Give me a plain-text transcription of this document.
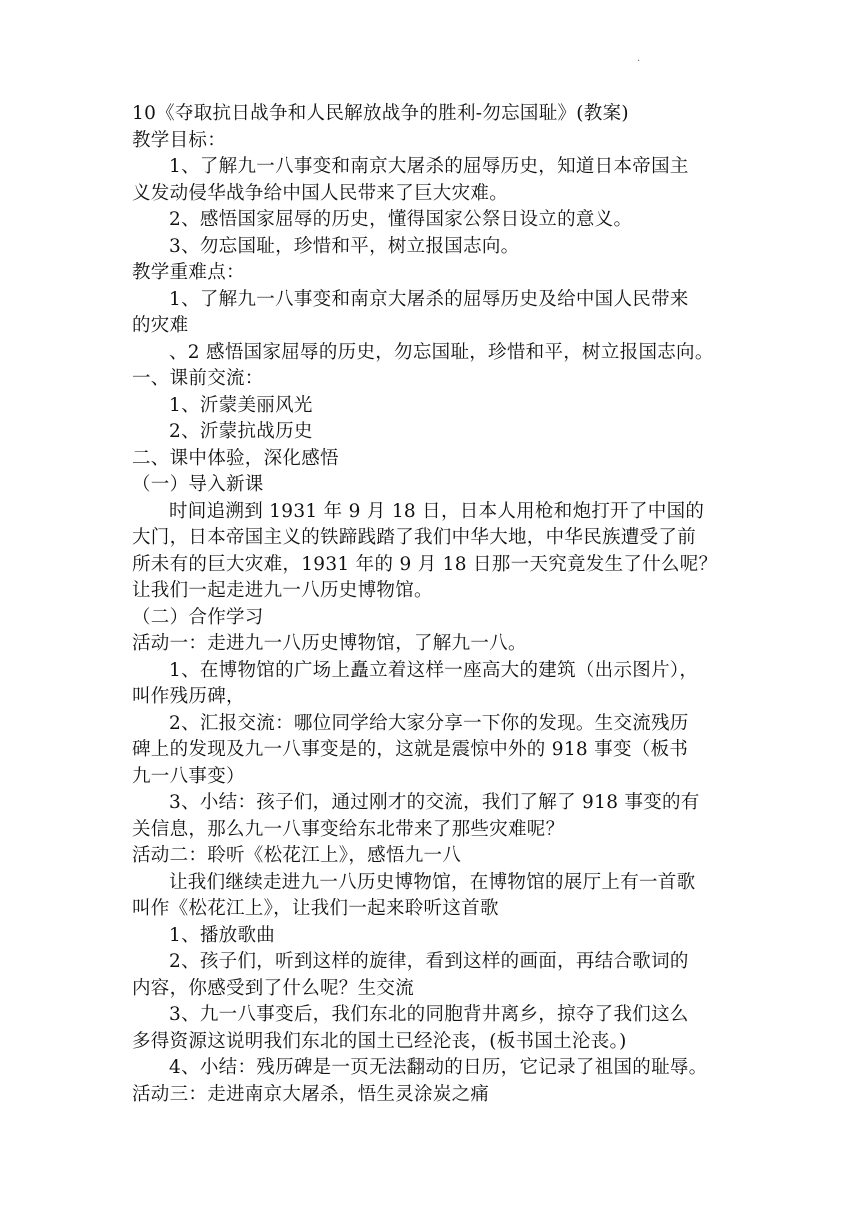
·
10《夺取抗日战争和人民解放战争的胜利-勿忘国耻》(教案)
教学目标：
1、了解九一八事变和南京大屠杀的屈辱历史，知道日本帝国主
义发动侵华战争给中国人民带来了巨大灾难。
2、感悟国家屈辱的历史，懂得国家公祭日设立的意义。
3、勿忘国耻，珍惜和平，树立报国志向。
教学重难点：
1、了解九一八事变和南京大屠杀的屈辱历史及给中国人民带来
的灾难
、2 感悟国家屈辱的历史，勿忘国耻，珍惜和平，树立报国志向。
一、课前交流：
1、沂蒙美丽风光
2、沂蒙抗战历史
二、课中体验，深化感悟
（一）导入新课
时间追溯到 1931 年 9 月 18 日，日本人用枪和炮打开了中国的
大门，日本帝国主义的铁蹄践踏了我们中华大地，中华民族遭受了前
所未有的巨大灾难，1931 年的 9 月 18 日那一天究竟发生了什么呢？
让我们一起走进九一八历史博物馆。
（二）合作学习
活动一：走进九一八历史博物馆，了解九一八。
1、在博物馆的广场上矗立着这样一座高大的建筑（出示图片），
叫作残历碑，
2、汇报交流：哪位同学给大家分享一下你的发现。生交流残历
碑上的发现及九一八事变是的，这就是震惊中外的 918 事变（板书
九一八事变）
3、小结：孩子们，通过刚才的交流，我们了解了 918 事变的有
关信息，那么九一八事变给东北带来了那些灾难呢？
活动二：聆听《松花江上》，感悟九一八
让我们继续走进九一八历史博物馆，在博物馆的展厅上有一首歌
叫作《松花江上》，让我们一起来聆听这首歌
1、播放歌曲
2、孩子们，听到这样的旋律，看到这样的画面，再结合歌词的
内容，你感受到了什么呢？生交流
3、九一八事变后，我们东北的同胞背井离乡，掠夺了我们这么
多得资源这说明我们东北的国土已经沦丧，(板书国土沦丧。)
4、小结：残历碑是一页无法翻动的日历，它记录了祖国的耻辱。
活动三：走进南京大屠杀，悟生灵涂炭之痛
